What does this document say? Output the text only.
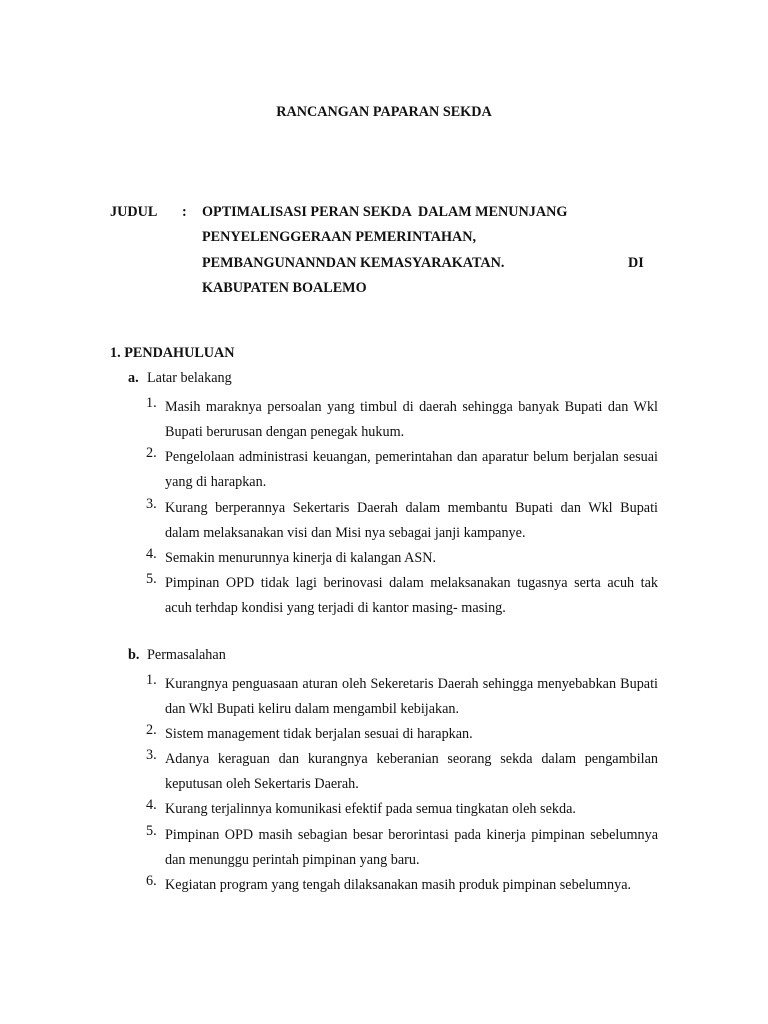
RANCANGAN PAPARAN SEKDA
JUDUL : OPTIMALISASI PERAN SEKDA  DALAM MENUNJANG
PENYELENGGERAAN PEMERINTAHAN,
PEMBANGUNANNDAN KEMASYARAKATAN.	DI
KABUPATEN BOALEMO
1. PENDAHULUAN
a. Latar belakang
1. Masih maraknya persoalan yang timbul di daerah sehingga banyak Bupati dan Wkl Bupati berurusan dengan penegak hukum.
2. Pengelolaan administrasi keuangan, pemerintahan dan aparatur belum berjalan sesuai yang di harapkan.
3. Kurang berperannya Sekertaris Daerah dalam membantu Bupati dan Wkl Bupati dalam melaksanakan visi dan Misi nya sebagai janji kampanye.
4. Semakin menurunnya kinerja di kalangan ASN.
5. Pimpinan OPD tidak lagi berinovasi dalam melaksanakan tugasnya serta acuh tak acuh terhdap kondisi yang terjadi di kantor masing- masing.
b. Permasalahan
1. Kurangnya penguasaan aturan oleh Sekeretaris Daerah sehingga menyebabkan Bupati dan Wkl Bupati keliru dalam mengambil kebijakan.
2. Sistem management tidak berjalan sesuai di harapkan.
3. Adanya keraguan dan kurangnya keberanian seorang sekda dalam pengambilan keputusan oleh Sekertaris Daerah.
4. Kurang terjalinnya komunikasi efektif pada semua tingkatan oleh sekda.
5. Pimpinan OPD masih sebagian besar berorintasi pada kinerja pimpinan sebelumnya dan menunggu perintah pimpinan yang baru.
6. Kegiatan program yang tengah dilaksanakan masih produk pimpinan sebelumnya.
